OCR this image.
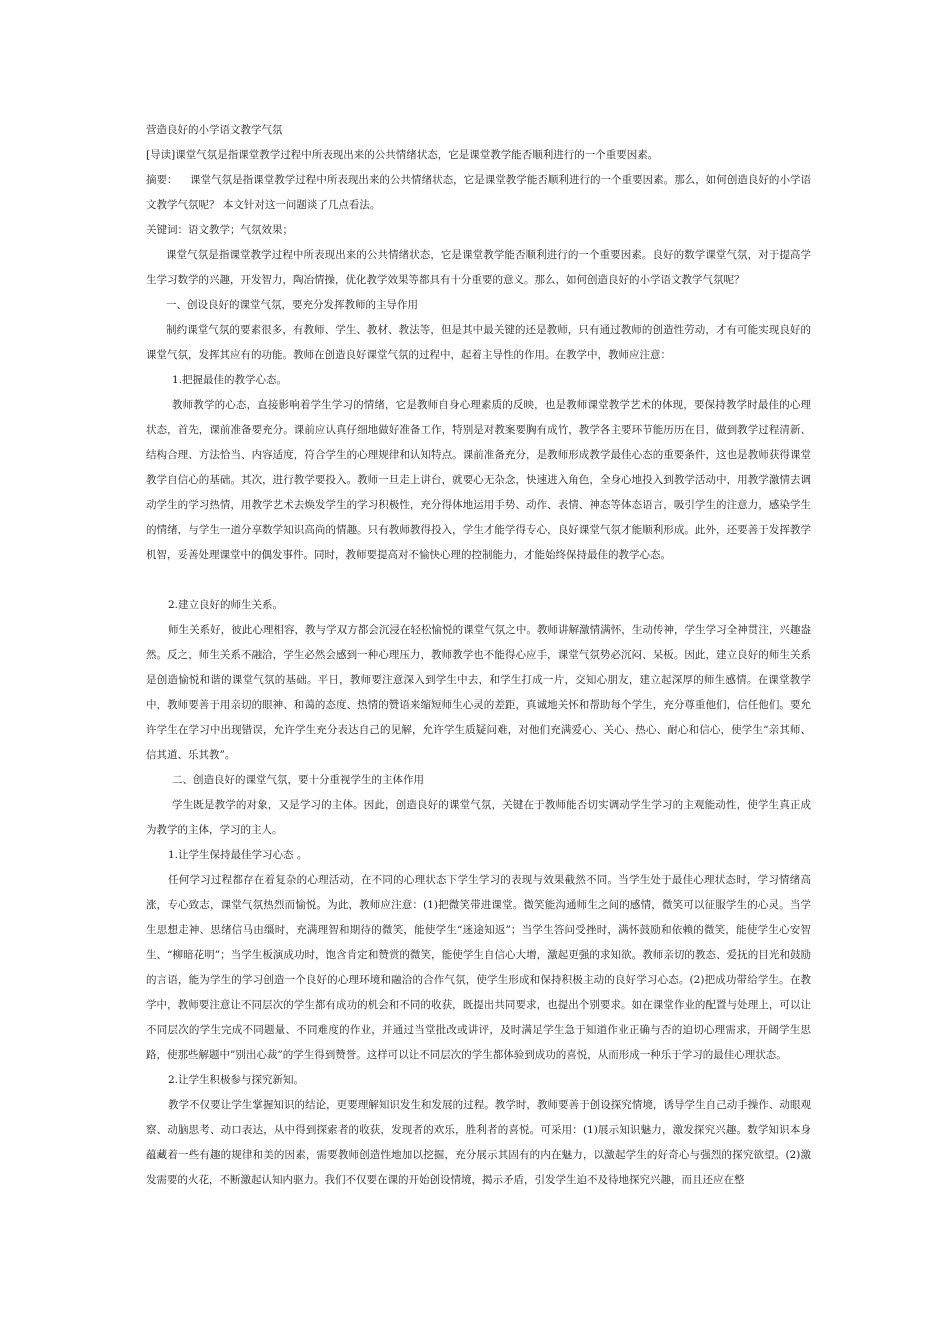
营造良好的小学语文教学气氛

[导读]课堂气氛是指课堂教学过程中所表现出来的公共情绪状态，它是课堂教学能否顺利进行的一个重要因素。

摘要： 课堂气氛是指课堂教学过程中所表现出来的公共情绪状态，它是课堂教学能否顺利进行的一个重要因素。那么，如何创造良好的小学语文教学气氛呢？ 本文针对这一问题谈了几点看法。

关键词：语文教学；气氛效果；

课堂气氛是指课堂教学过程中所表现出来的公共情绪状态，它是课堂教学能否顺利进行的一个重要因素。良好的数学课堂气氛，对于提高学生学习数学的兴趣，开发智力，陶冶情操，优化教学效果等都具有十分重要的意义。那么，如何创造良好的小学语文教学气氛呢？

一、创设良好的课堂气氛，要充分发挥教师的主导作用

制约课堂气氛的要素很多，有教师、学生、教材、教法等，但是其中最关键的还是教师，只有通过教师的创造性劳动，才有可能实现良好的课堂气氛，发挥其应有的功能。教师在创造良好课堂气氛的过程中，起着主导性的作用。在教学中，教师应注意：

1.把握最佳的教学心态。

教师教学的心态，直接影响着学生学习的情绪，它是教师自身心理素质的反映，也是教师课堂教学艺术的体现，要保持教学时最佳的心理状态，首先，课前准备要充分。课前应认真仔细地做好准备工作，特别是对教案要胸有成竹，教学各主要环节能历历在目，做到教学过程清新、结构合理、方法恰当、内容适度，符合学生的心理规律和认知特点。课前准备充分，是教师形成教学最佳心态的重要条件，这也是教师获得课堂教学自信心的基础。其次，进行教学要投入。教师一旦走上讲台，就要心无杂念，快速进入角色，全身心地投入到教学活动中，用教学激情去调动学生的学习热情，用教学艺术去焕发学生的学习积极性，充分得体地运用手势、动作、表情、神态等体态语言，吸引学生的注意力，感染学生的情绪，与学生一道分享数学知识高尚的情趣。只有教师教得投入，学生才能学得专心，良好课堂气氛才能顺利形成。此外，还要善于发挥教学机智，妥善处理课堂中的偶发事件。同时，教师要提高对不愉快心理的控制能力，才能始终保持最佳的教学心态。

2.建立良好的师生关系。

师生关系好，彼此心理相容，教与学双方都会沉浸在轻松愉悦的课堂气氛之中。教师讲解激情满怀，生动传神，学生学习全神贯注，兴趣盎然。反之，师生关系不融洽，学生必然会感到一种心理压力，教师教学也不能得心应手，课堂气氛势必沉闷、呆板。因此，建立良好的师生关系是创造愉悦和谐的课堂气氛的基础。平日，教师要注意深入到学生中去，和学生打成一片，交知心朋友，建立起深厚的师生感情。在课堂教学中，教师要善于用亲切的眼神、和蔼的态度、热情的赞语来缩短师生心灵的差距，真诚地关怀和帮助每个学生，充分尊重他们，信任他们。要允许学生在学习中出现错误，允许学生充分表达自己的见解，允许学生质疑问难，对他们充满爱心、关心、热心、耐心和信心，使学生“亲其师、信其道、乐其教”。

二、创造良好的课堂气氛，要十分重视学生的主体作用

学生既是教学的对象，又是学习的主体。因此，创造良好的课堂气氛，关键在于教师能否切实调动学生学习的主观能动性，使学生真正成为教学的主体，学习的主人。

1.让学生保持最佳学习心态 。

任何学习过程都存在着复杂的心理活动，在不同的心理状态下学生学习的表现与效果截然不同。当学生处于最佳心理状态时，学习情绪高涨，专心致志，课堂气氛热烈而愉悦。为此，教师应注意：(1)把微笑带进课堂。微笑能沟通师生之间的感情，微笑可以征服学生的心灵。当学生思想走神、思绪信马由缰时，充满理智和期待的微笑，能使学生“迷途知返”；当学生答问受挫时，满怀鼓励和依赖的微笑，能使学生心安智生、“柳暗花明”；当学生板演成功时，饱含肯定和赞赏的微笑，能使学生自信心大增，激起更强的求知欲。教师亲切的教态、爱抚的目光和鼓励的言语，能为学生的学习创造一个良好的心理环境和融洽的合作气氛，使学生形成和保持积极主动的良好学习心态。(2)把成功带给学生。在教学中，教师要注意让不同层次的学生都有成功的机会和不同的收获，既提出共同要求，也提出个别要求。如在课堂作业的配置与处理上，可以让不同层次的学生完成不同题量、不同难度的作业，并通过当堂批改或讲评，及时满足学生急于知道作业正确与否的迫切心理需求，开阔学生思路，使那些解题中”别出心裁”的学生得到赞誉。这样可以让不同层次的学生都体验到成功的喜悦，从而形成一种乐于学习的最佳心理状态。

2.让学生积极参与探究新知。

教学不仅要让学生掌握知识的结论，更要理解知识发生和发展的过程。教学时，教师要善于创设探究情境，诱导学生自己动手操作、动眼观察、动脑思考、动口表达，从中得到探索者的收获，发现者的欢乐，胜利者的喜悦。可采用：(1)展示知识魅力，激发探究兴趣。数学知识本身蕴藏着一些有趣的规律和美的因素，需要教师创造性地加以挖掘，充分展示其固有的内在魅力，以激起学生的好奇心与强烈的探究欲望。(2)激发需要的火花，不断激起认知内驱力。我们不仅要在课的开始创设情境，揭示矛盾，引发学生迫不及待地探究兴趣，而且还应在整
